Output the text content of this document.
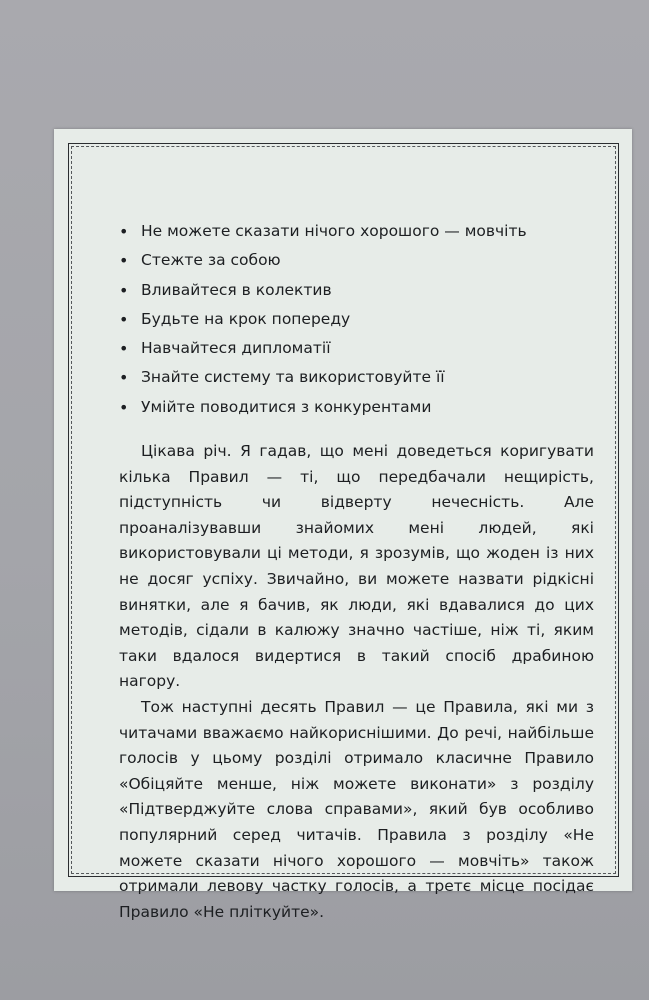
• Не можете сказати нічого хорошого — мовчіть
• Стежте за собою
• Вливайтеся в колектив
• Будьте на крок попереду
• Навчайтеся дипломатії
• Знайте систему та використовуйте її
• Умійте поводитися з конкурентами

Цікава річ. Я гадав, що мені доведеться коригувати кілька Правил — ті, що передбачали нещирість, підступність чи відверту нечесність. Але проаналізувавши знайомих мені людей, які використовували ці методи, я зрозумів, що жоден із них не досяг успіху. Звичайно, ви можете назвати рідкісні винятки, але я бачив, як люди, які вдавалися до цих методів, сідали в калюжу значно частіше, ніж ті, яким таки вдалося видертися в такий спосіб драбиною нагору.

Тож наступні десять Правил — це Правила, які ми з читачами вважаємо найкориснішими. До речі, найбільше голосів у цьому розділі отримало класичне Правило «Обіцяйте менше, ніж можете виконати» з розділу «Підтверджуйте слова справами», який був особливо популярний серед читачів. Правила з розділу «Не можете сказати нічого хорошого — мовчіть» також отримали левову частку голосів, а третє місце посідає Правило «Не пліткуйте».
